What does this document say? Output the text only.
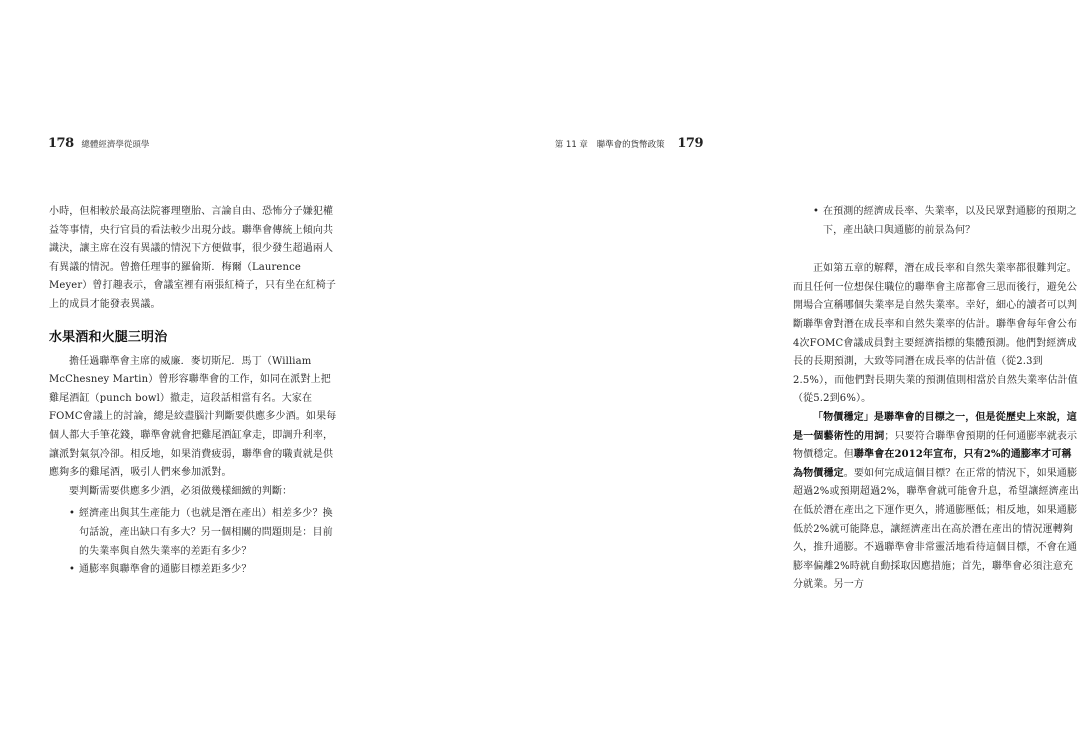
178 總體經濟學從頭學

小時，但相較於最高法院審理墮胎、言論自由、恐怖分子嫌犯權益等事情，央行官員的看法較少出現分歧。聯準會傳統上傾向共識決，讓主席在沒有異議的情況下方便做事，很少發生超過兩人有異議的情況。曾擔任理事的羅倫斯．梅爾（Laurence Meyer）曾打趣表示，會議室裡有兩張紅椅子，只有坐在紅椅子上的成員才能發表異議。

水果酒和火腿三明治

擔任過聯準會主席的威廉．麥切斯尼．馬丁（William McChesney Martin）曾形容聯準會的工作，如同在派對上把雞尾酒缸（punch bowl）撤走，這段話相當有名。大家在FOMC會議上的討論，總是絞盡腦汁判斷要供應多少酒。如果每個人都大手筆花錢，聯準會就會把雞尾酒缸拿走，即調升利率，讓派對氣氛冷卻。相反地，如果消費疲弱，聯準會的職責就是供應夠多的雞尾酒，吸引人們來參加派對。

要判斷需要供應多少酒，必須做幾樣細緻的判斷：

• 經濟產出與其生產能力（也就是潛在產出）相差多少？換句話說，產出缺口有多大？另一個相關的問題則是：目前的失業率與自然失業率的差距有多少？
• 通膨率與聯準會的通膨目標差距多少？
第 11 章 聯準會的貨幣政策 179
• 在預測的經濟成長率、失業率，以及民眾對通膨的預期之下，產出缺口與通膨的前景為何？

正如第五章的解釋，潛在成長率和自然失業率都很難判定。而且任何一位想保住職位的聯準會主席都會三思而後行，避免公開場合宣稱哪個失業率是自然失業率。幸好，細心的讀者可以判斷聯準會對潛在成長率和自然失業率的估計。聯準會每年會公布4次FOMC會議成員對主要經濟指標的集體預測。他們對經濟成長的長期預測，大致等同潛在成長率的估計值（從2.3到2.5%），而他們對長期失業的預測值則相當於自然失業率估計值（從5.2到6%）。

「物價穩定」是聯準會的目標之一，但是從歷史上來說，這是一個藝術性的用詞；只要符合聯準會預期的任何通膨率就表示物價穩定。但聯準會在2012年宣布，只有2%的通膨率才可稱為物價穩定。要如何完成這個目標？在正常的情況下，如果通膨超過2%或預期超過2%，聯準會就可能會升息，希望讓經濟產出在低於潛在產出之下運作更久，將通膨壓低；相反地，如果通膨低於2%就可能降息，讓經濟產出在高於潛在產出的情況運轉夠久，推升通膨。不過聯準會非常靈活地看待這個目標，不會在通膨率偏離2%時就自動採取因應措施；首先，聯準會必須注意充分就業。另一方
